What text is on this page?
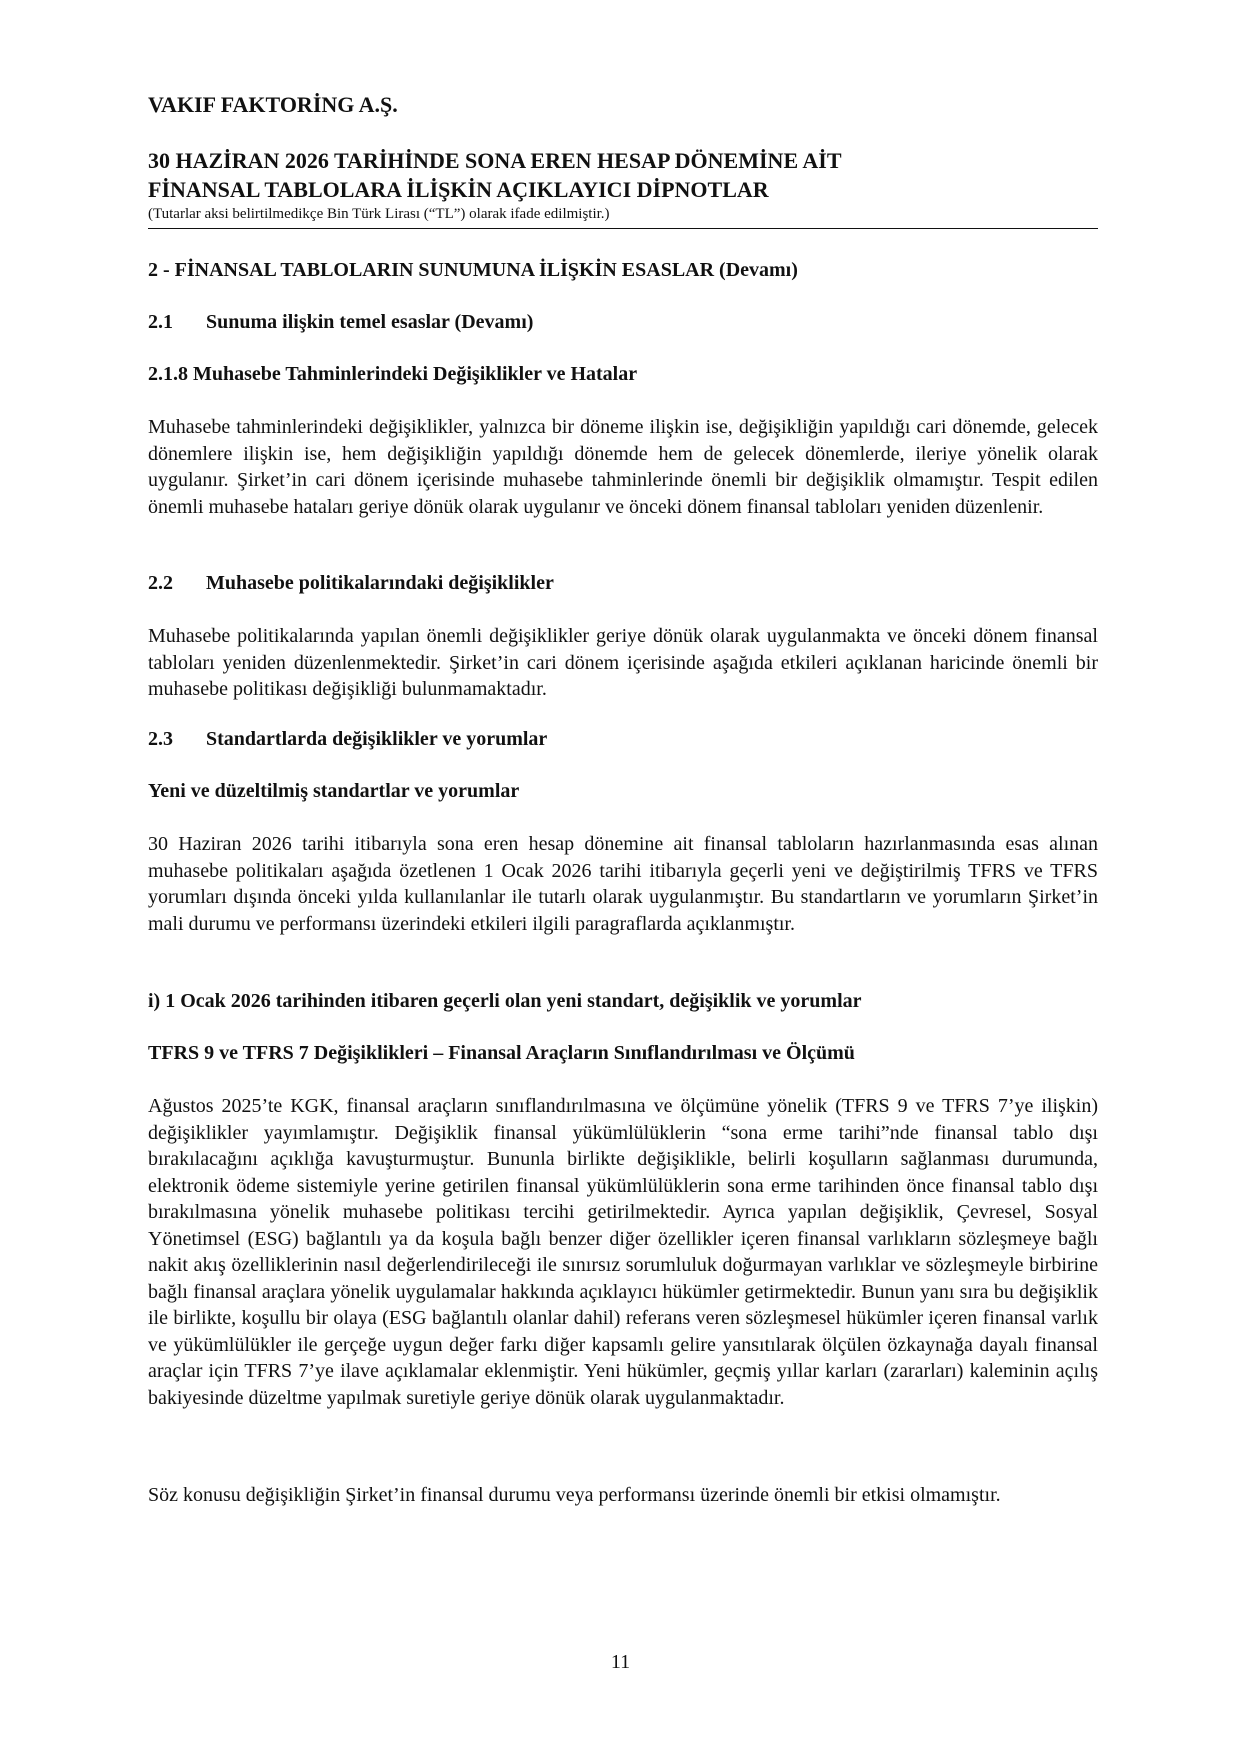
VAKIF FAKTORİNG A.Ş.
30 HAZİRAN 2026 TARİHİNDE SONA EREN HESAP DÖNEMİNE AİT
FİNANSAL TABLOLARA İLİŞKİN AÇIKLAYICI DİPNOTLAR
(Tutarlar aksi belirtilmedikçe Bin Türk Lirası (“TL”) olarak ifade edilmiştir.)
2 - FİNANSAL TABLOLARIN SUNUMUNA İLİŞKİN ESASLAR (Devamı)
2.1 Sunuma ilişkin temel esaslar (Devamı)
2.1.8 Muhasebe Tahminlerindeki Değişiklikler ve Hatalar

Muhasebe tahminlerindeki değişiklikler, yalnızca bir döneme ilişkin ise, değişikliğin yapıldığı cari dönemde, gelecek dönemlere ilişkin ise, hem değişikliğin yapıldığı dönemde hem de gelecek dönemlerde, ileriye yönelik olarak uygulanır. Şirket’in cari dönem içerisinde muhasebe tahminlerinde önemli bir değişiklik olmamıştır. Tespit edilen önemli muhasebe hataları geriye dönük olarak uygulanır ve önceki dönem finansal tabloları yeniden düzenlenir.

2.2 Muhasebe politikalarındaki değişiklikler

Muhasebe politikalarında yapılan önemli değişiklikler geriye dönük olarak uygulanmakta ve önceki dönem finansal tabloları yeniden düzenlenmektedir. Şirket’in cari dönem içerisinde aşağıda etkileri açıklanan haricinde önemli bir muhasebe politikası değişikliği bulunmamaktadır.

2.3 Standartlarda değişiklikler ve yorumlar
Yeni ve düzeltilmiş standartlar ve yorumlar

30 Haziran 2026 tarihi itibarıyla sona eren hesap dönemine ait finansal tabloların hazırlanmasında esas alınan muhasebe politikaları aşağıda özetlenen 1 Ocak 2026 tarihi itibarıyla geçerli yeni ve değiştirilmiş TFRS ve TFRS yorumları dışında önceki yılda kullanılanlar ile tutarlı olarak uygulanmıştır. Bu standartların ve yorumların Şirket’in mali durumu ve performansı üzerindeki etkileri ilgili paragraflarda açıklanmıştır.

i) 1 Ocak 2026 tarihinden itibaren geçerli olan yeni standart, değişiklik ve yorumlar
TFRS 9 ve TFRS 7 Değişiklikleri – Finansal Araçların Sınıflandırılması ve Ölçümü

Ağustos 2025’te KGK, finansal araçların sınıflandırılmasına ve ölçümüne yönelik (TFRS 9 ve TFRS 7’ye ilişkin) değişiklikler yayımlamıştır. Değişiklik finansal yükümlülüklerin “sona erme tarihi”nde finansal tablo dışı bırakılacağını açıklığa kavuşturmuştur. Bununla birlikte değişiklikle, belirli koşulların sağlanması durumunda, elektronik ödeme sistemiyle yerine getirilen finansal yükümlülüklerin sona erme tarihinden önce finansal tablo dışı bırakılmasına yönelik muhasebe politikası tercihi getirilmektedir. Ayrıca yapılan değişiklik, Çevresel, Sosyal Yönetimsel (ESG) bağlantılı ya da koşula bağlı benzer diğer özellikler içeren finansal varlıkların sözleşmeye bağlı nakit akış özelliklerinin nasıl değerlendirileceği ile sınırsız sorumluluk doğurmayan varlıklar ve sözleşmeyle birbirine bağlı finansal araçlara yönelik uygulamalar hakkında açıklayıcı hükümler getirmektedir. Bunun yanı sıra bu değişiklik ile birlikte, koşullu bir olaya (ESG bağlantılı olanlar dahil) referans veren sözleşmesel hükümler içeren finansal varlık ve yükümlülükler ile gerçeğe uygun değer farkı diğer kapsamlı gelire yansıtılarak ölçülen özkaynağa dayalı finansal araçlar için TFRS 7’ye ilave açıklamalar eklenmiştir. Yeni hükümler, geçmiş yıllar karları (zararları) kaleminin açılış bakiyesinde düzeltme yapılmak suretiyle geriye dönük olarak uygulanmaktadır.

Söz konusu değişikliğin Şirket’in finansal durumu veya performansı üzerinde önemli bir etkisi olmamıştır.

11
